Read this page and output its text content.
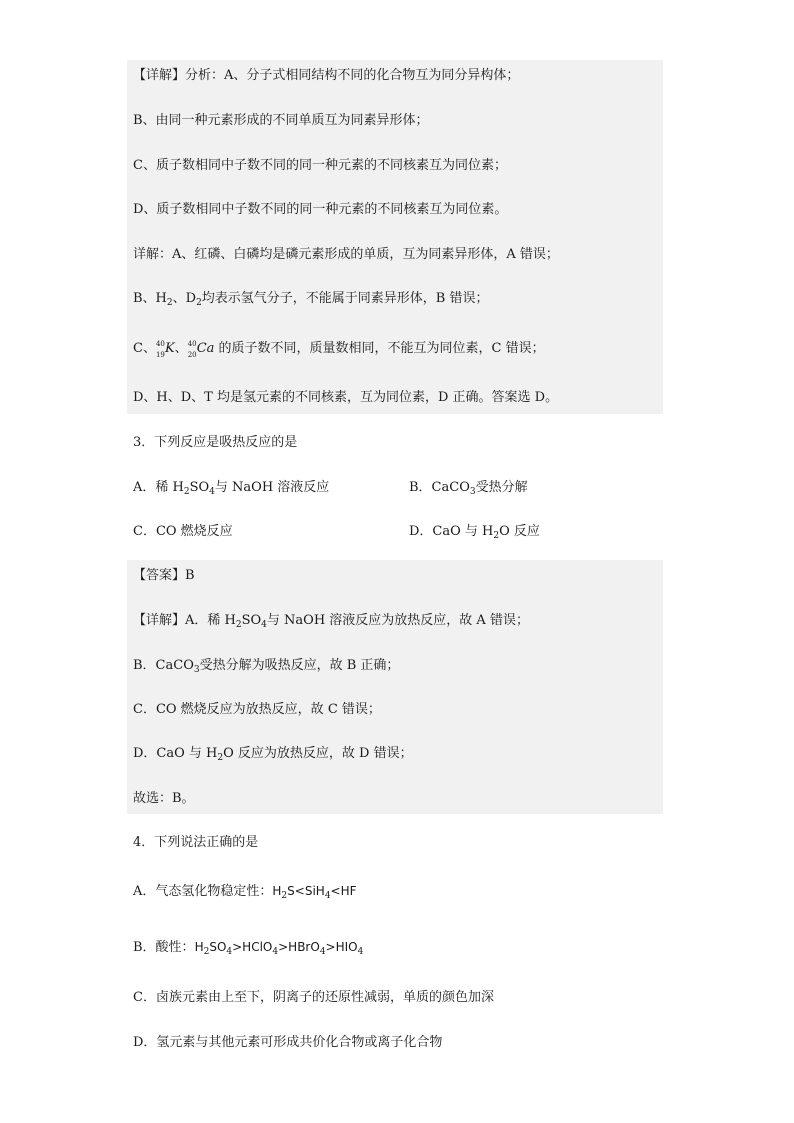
【详解】分析：A、分子式相同结构不同的化合物互为同分异构体；
B、由同一种元素形成的不同单质互为同素异形体；
C、质子数相同中子数不同的同一种元素的不同核素互为同位素；
D、质子数相同中子数不同的同一种元素的不同核素互为同位素。
详解：A、红磷、白磷均是磷元素形成的单质，互为同素异形体，A 错误；
B、$H_2$、$D_2$均表示氢气分子，不能属于同素异形体，B 错误；
C、 40
19 K、 40
20 Ca 的质子数不同，质量数相同，不能互为同位素，C 错误；
D、H、D、T 均是氢元素的不同核素，互为同位素，D 正确。答案选 D。
3．下列反应是吸热反应的是
A．稀 $H_2SO_4$与 NaOH 溶液反应	B．CaCO$_3$受热分解
C．CO 燃烧反应	D．CaO 与 $H_2O$ 反应
【答案】B
【详解】A．稀 $H_2SO_4$与 NaOH 溶液反应为放热反应，故 A 错误；
B．CaCO$_3$受热分解为吸热反应，故 B 正确；
C．CO 燃烧反应为放热反应，故 C 错误；
D．CaO 与 $H_2O$ 反应为放热反应，故 D 错误；
故选：B。
4．下列说法正确的是
A．气态氢化物稳定性：$H_2S<SiH_4<HF$
B．酸性：$H_2SO_4>HClO_4>HBrO_4>HIO_4$
C．卤族元素由上至下，阴离子的还原性减弱，单质的颜色加深
D．氢元素与其他元素可形成共价化合物或离子化合物
